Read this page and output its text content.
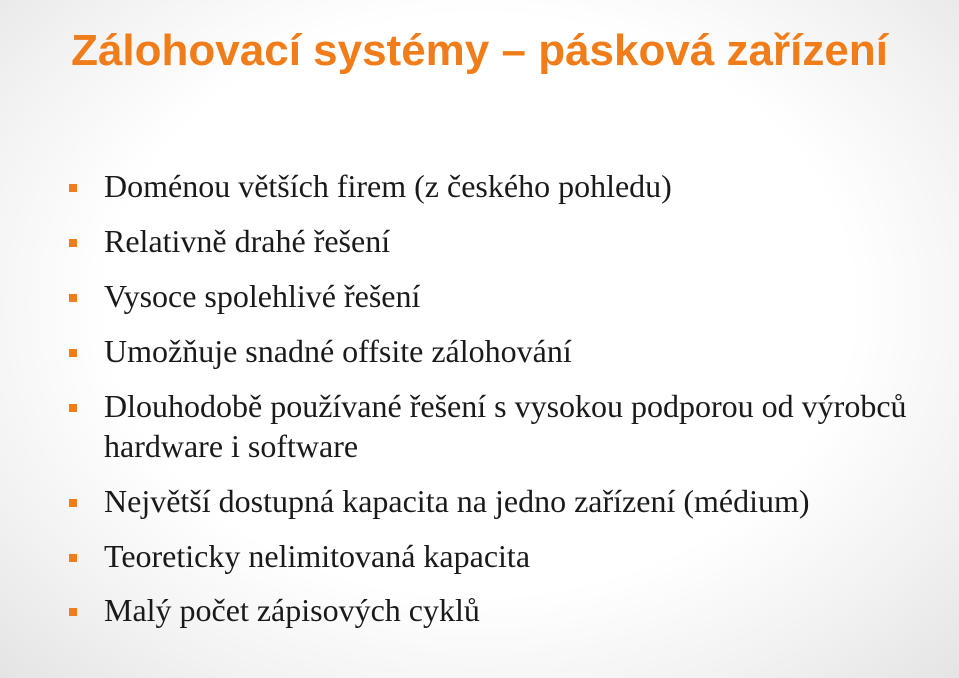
Zálohovací systémy – pásková zařízení
Doménou větších firem (z českého pohledu)
Relativně drahé řešení
Vysoce spolehlivé řešení
Umožňuje snadné offsite zálohování
Dlouhodobě používané řešení s vysokou podporou od výrobců hardware i software
Největší dostupná kapacita na jedno zařízení (médium)
Teoreticky nelimitovaná kapacita
Malý počet zápisových cyklů
